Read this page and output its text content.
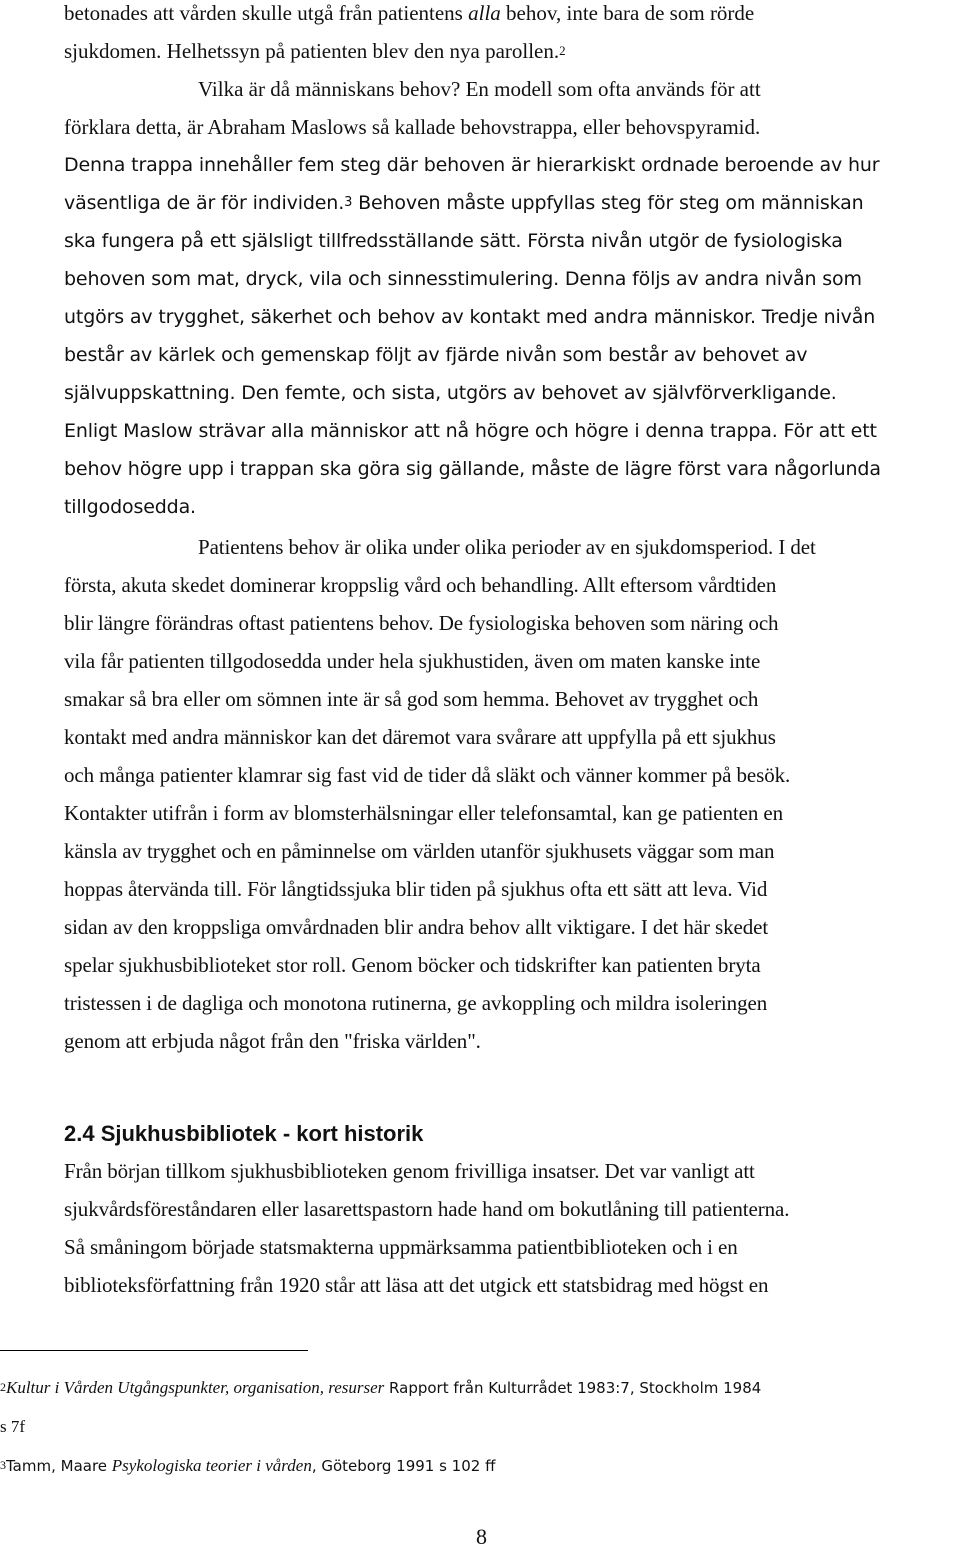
betonades att vården skulle utgå från patientens alla behov, inte bara de som rörde
sjukdomen. Helhetssyn på patienten blev den nya parollen.$^2$
Vilka är då människans behov? En modell som ofta används för att
förklara detta, är Abraham Maslows så kallade behovstrappa, eller behovspyramid.
Denna trappa innehåller fem steg där behoven är hierarkiskt ordnade beroende av hur
väsentliga de är för individen.$^3$ Behoven måste uppfyllas steg för steg om människan
ska fungera på ett själsligt tillfredsställande sätt. Första nivån utgör de fysiologiska
behoven som mat, dryck, vila och sinnesstimulering. Denna följs av andra nivån som
utgörs av trygghet, säkerhet och behov av kontakt med andra människor. Tredje nivån
består av kärlek och gemenskap följt av fjärde nivån som består av behovet av
självuppskattning. Den femte, och sista, utgörs av behovet av självförverkligande.
Enligt Maslow strävar alla människor att nå högre och högre i denna trappa. För att ett
behov högre upp i trappan ska göra sig gällande, måste de lägre först vara någorlunda
tillgodosedda.
Patientens behov är olika under olika perioder av en sjukdomsperiod. I det
första, akuta skedet dominerar kroppslig vård och behandling. Allt eftersom vårdtiden
blir längre förändras oftast patientens behov. De fysiologiska behoven som näring och
vila får patienten tillgodosedda under hela sjukhustiden, även om maten kanske inte
smakar så bra eller om sömnen inte är så god som hemma. Behovet av trygghet och
kontakt med andra människor kan det däremot vara svårare att uppfylla på ett sjukhus
och många patienter klamrar sig fast vid de tider då släkt och vänner kommer på besök.
Kontakter utifrån i form av blomsterhälsningar eller telefonsamtal, kan ge patienten en
känsla av trygghet och en påminnelse om världen utanför sjukhusets väggar som man
hoppas återvända till. För långtidssjuka blir tiden på sjukhus ofta ett sätt att leva. Vid
sidan av den kroppsliga omvårdnaden blir andra behov allt viktigare. I det här skedet
spelar sjukhusbiblioteket stor roll. Genom böcker och tidskrifter kan patienten bryta
tristessen i de dagliga och monotona rutinerna, ge avkoppling och mildra isoleringen
genom att erbjuda något från den "friska världen".
2.4 Sjukhusbibliotek - kort historik
Från början tillkom sjukhusbiblioteken genom frivilliga insatser. Det var vanligt att
sjukvårdsföreståndaren eller lasarettspastorn hade hand om bokutlåning till patienterna.
Så småningom började statsmakterna uppmärksamma patientbiblioteken och i en
biblioteksförfattning från 1920 står att läsa att det utgick ett statsbidrag med högst en
$^2$Kultur i Vården Utgångspunkter, organisation, resurser Rapport från Kulturrådet 1983:7, Stockholm 1984
s 7f
$^3$Tamm, Maare Psykologiska teorier i vården, Göteborg 1991 s 102 ff
8
